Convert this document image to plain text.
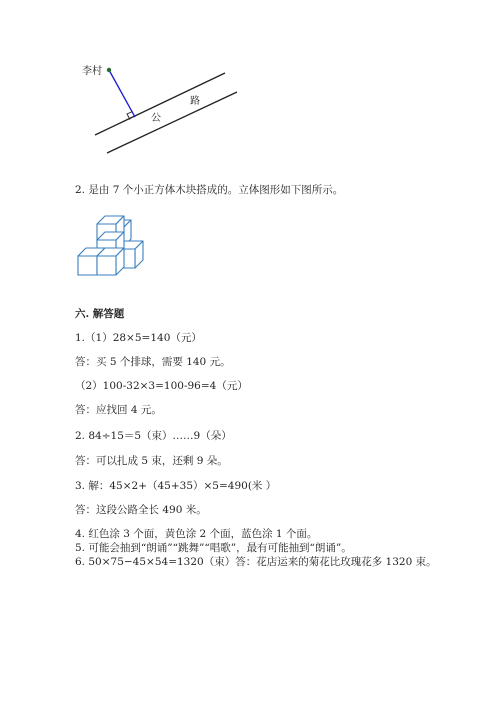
李村
公
路
2. 是由 7 个小正方体木块搭成的。立体图形如下图所示。
六. 解答题
1.（1）28×5=140（元）
答：买 5 个排球，需要 140 元。
（2）100-32×3=100-96=4（元）
答：应找回 4 元。
2. 84÷15＝5（束）……9（朵）
答：可以扎成 5 束，还剩 9 朵。
3. 解：45×2+（45+35）×5=490(米 ）
答：这段公路全长 490 米。
4. 红色涂 3 个面，黄色涂 2 个面，蓝色涂 1 个面。
5. 可能会抽到“朗诵”“跳舞”“唱歌”，最有可能抽到“朗诵”。
6. 50×75−45×54=1320（束）答：花店运来的菊花比玫瑰花多 1320 束。
